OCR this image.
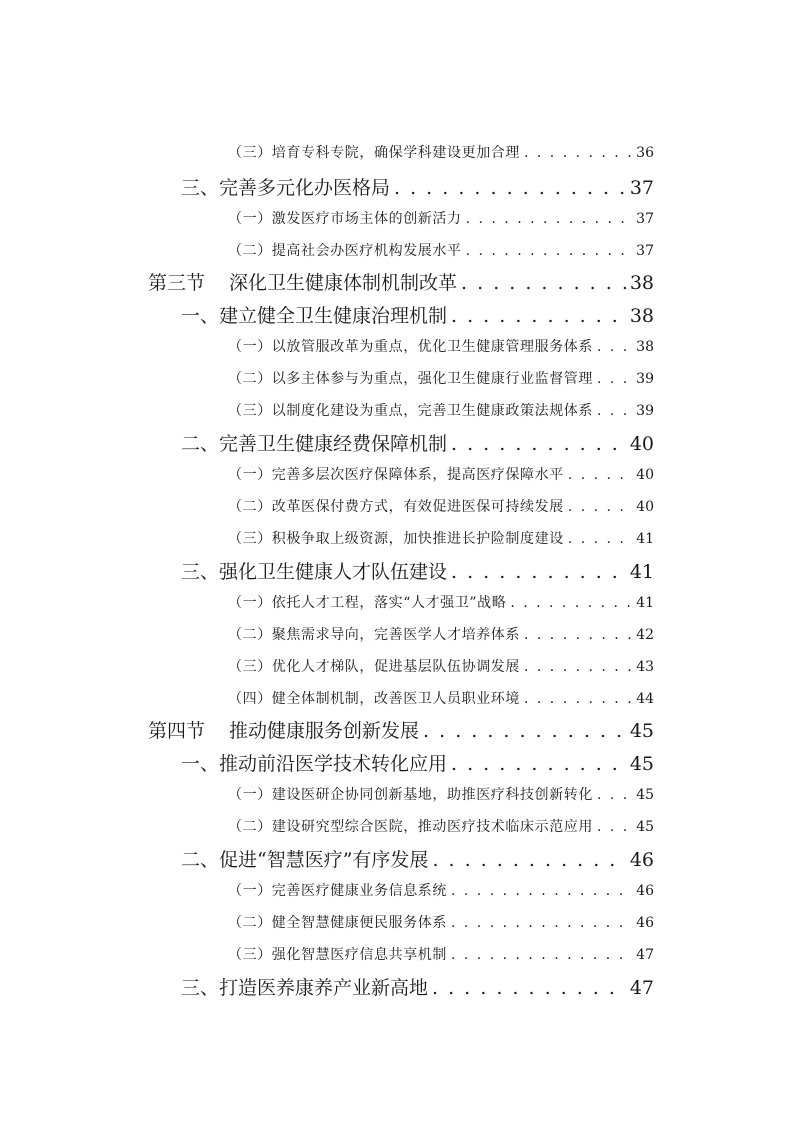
（三）培育专科专院，确保学科建设更加合理 . . .	36
三、完善多元化办医格局 . . .	37
（一）激发医疗市场主体的创新活力 . . .	37
（二）提高社会办医疗机构发展水平 . . .	37
第三节 深化卫生健康体制机制改革 . . .	38
一、建立健全卫生健康治理机制 . . .	38
（一）以放管服改革为重点，优化卫生健康管理服务体系 . . .	38
（二）以多主体参与为重点，强化卫生健康行业监督管理 . . .	39
（三）以制度化建设为重点，完善卫生健康政策法规体系 . . .	39
二、完善卫生健康经费保障机制 . . .	40
（一）完善多层次医疗保障体系，提高医疗保障水平 . . .	40
（二）改革医保付费方式，有效促进医保可持续发展 . . .	40
（三）积极争取上级资源，加快推进长护险制度建设 . . .	41
三、强化卫生健康人才队伍建设 . . .	41
（一）依托人才工程，落实“人才强卫”战略 . . .	41
（二）聚焦需求导向，完善医学人才培养体系 . . .	42
（三）优化人才梯队，促进基层队伍协调发展 . . .	43
（四）健全体制机制，改善医卫人员职业环境 . . .	44
第四节 推动健康服务创新发展 . . .	45
一、推动前沿医学技术转化应用 . . .	45
（一）建设医研企协同创新基地，助推医疗科技创新转化 . . .	45
（二）建设研究型综合医院，推动医疗技术临床示范应用 . . .	45
二、促进“智慧医疗”有序发展 . . .	46
（一）完善医疗健康业务信息系统 . . .	46
（二）健全智慧健康便民服务体系 . . .	46
（三）强化智慧医疗信息共享机制 . . .	47
三、打造医养康养产业新高地 . . .	47
